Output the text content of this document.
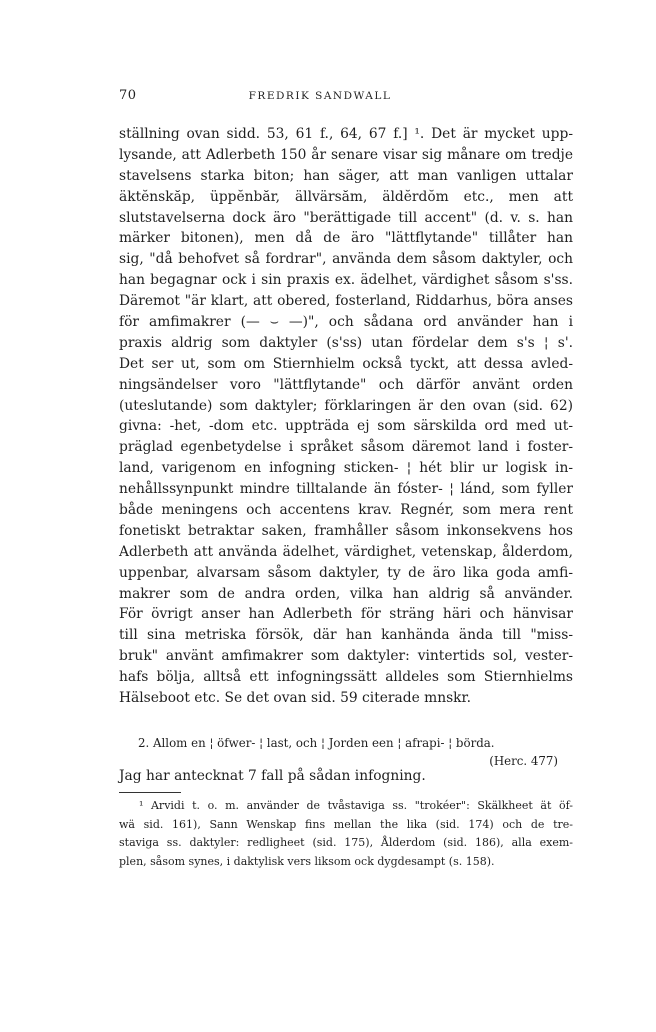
70	FREDRIK SANDWALL
ställning ovan sidd. 53, 61 f., 64, 67 f.] ¹. Det är mycket upp-
lysande, att Adlerbeth 150 år senare visar sig månare om tredje
stavelsens starka biton; han säger, att man vanligen uttalar
äktĕnskăp, üppĕnbăr, ällvärsăm, äldĕrdŏm etc., men att
slutstavelserna dock äro "berättigade till accent" (d. v. s. han
märker bitonen), men då de äro "lättflytande" tillåter han
sig, "då behofvet så fordrar", använda dem såsom daktyler, och
han begagnar ock i sin praxis ex. ädelhet, värdighet såsom s'ss.
Däremot "är klart, att obered, fosterland, Riddarhus, böra anses
för amfimakrer (— ⌣ —)", och sådana ord använder han i
praxis aldrig som daktyler (s'ss) utan fördelar dem s's ¦ s'.
Det ser ut, som om Stiernhielm också tyckt, att dessa avled-
ningsändelser voro "lättflytande" och därför använt orden
(uteslutande) som daktyler; förklaringen är den ovan (sid. 62)
givna: -het, -dom etc. uppträda ej som särskilda ord med ut-
präglad egenbetydelse i språket såsom däremot land i foster-
land, varigenom en infogning sticken- ¦ hét blir ur logisk in-
nehållssynpunkt mindre tilltalande än fóster- ¦ lánd, som fyller
både meningens och accentens krav. Regnér, som mera rent
fonetiskt betraktar saken, framhåller såsom inkonsekvens hos
Adlerbeth att använda ädelhet, värdighet, vetenskap, ålderdom,
uppenbar, alvarsam såsom daktyler, ty de äro lika goda amfi-
makrer som de andra orden, vilka han aldrig så använder.
För övrigt anser han Adlerbeth för sträng häri och hänvisar
till sina metriska försök, där han kanhända ända till "miss-
bruk" använt amfimakrer som daktyler: vintertids sol, vester-
hafs bölja, alltså ett infogningssätt alldeles som Stiernhielms
Hälseboot etc. Se det ovan sid. 59 citerade mnskr.
2. Allom en ¦ öfwer- ¦ last, och ¦ Jorden een ¦ afrapi- ¦ börda.
(Herc. 477)
Jag har antecknat 7 fall på sådan infogning.
¹ Arvidi t. o. m. använder de tvåstaviga ss. "trokéer": Skälkheet ät öf-
wä sid. 161), Sann Wenskap fins mellan the lika (sid. 174) och de tre-
staviga ss. daktyler: redligheet (sid. 175), Ålderdom (sid. 186), alla exem-
plen, såsom synes, i daktylisk vers liksom ock dygdesampt (s. 158).
